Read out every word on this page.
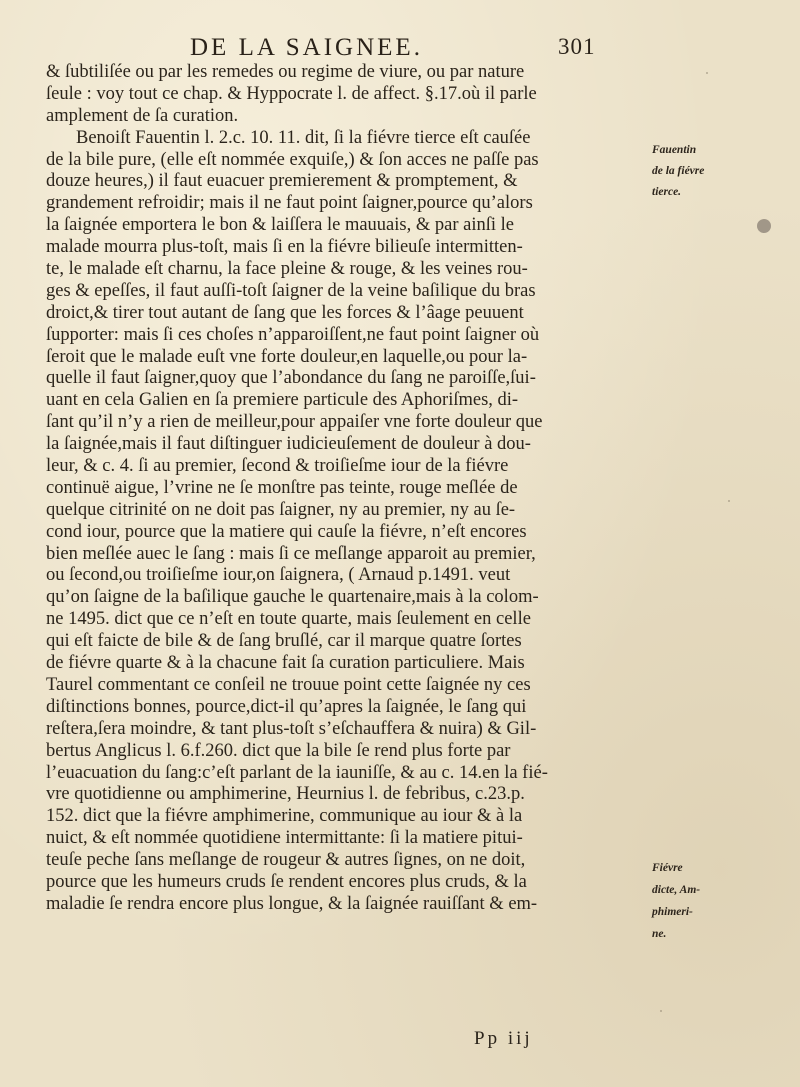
DE LA SAIGNEE.	301
& ſubtiliſée ou par les remedes ou regime de viure, ou par nature
ſeule : voy tout ce chap. & Hyppocrate l. de affect. §.17.où il parle
amplement de ſa curation.
Benoiſt Fauentin l. 2.c. 10. 11. dit, ſi la fiévre tierce eſt cauſée
de la bile pure, (elle eſt nommée exquiſe,) & ſon acces ne paſſe pas
douze heures,) il faut euacuer premierement & promptement, &
grandement refroidir; mais il ne faut point ſaigner,pource qu’alors
la ſaignée emportera le bon & laiſſera le mauuais, & par ainſi le
malade mourra plus-toſt, mais ſi en la fiévre bilieuſe intermitten-
te, le malade eſt charnu, la face pleine & rouge, & les veines rou-
ges & epeſſes, il faut auſſi-toſt ſaigner de la veine baſilique du bras
droict,& tirer tout autant de ſang que les forces & l’âage peuuent
ſupporter: mais ſi ces choſes n’apparoiſſent,ne faut point ſaigner où
ſeroit que le malade euſt vne forte douleur,en laquelle,ou pour la-
quelle il faut ſaigner,quoy que l’abondance du ſang ne paroiſſe,ſui-
uant en cela Galien en ſa premiere particule des Aphoriſmes, di-
ſant qu’il n’y a rien de meilleur,pour appaiſer vne forte douleur que
la ſaignée,mais il faut diſtinguer iudicieuſement de douleur à dou-
leur, & c. 4. ſi au premier, ſecond & troiſieſme iour de la fiévre
continuë aigue, l’vrine ne ſe monſtre pas teinte, rouge meſlée de
quelque citrinité on ne doit pas ſaigner, ny au premier, ny au ſe-
cond iour, pource que la matiere qui cauſe la fiévre, n’eſt encores
bien meſlée auec le ſang : mais ſi ce meſlange apparoit au premier,
ou ſecond,ou troiſieſme iour,on ſaignera, ( Arnaud p.1491. veut
qu’on ſaigne de la baſilique gauche le quartenaire,mais à la colom-
ne 1495. dict que ce n’eſt en toute quarte, mais ſeulement en celle
qui eſt faicte de bile & de ſang bruſlé, car il marque quatre ſortes
de fiévre quarte & à la chacune fait ſa curation particuliere. Mais
Taurel commentant ce conſeil ne trouue point cette ſaignée ny ces
diſtinctions bonnes, pource,dict-il qu’apres la ſaignée, le ſang qui
reſtera,ſera moindre, & tant plus-toſt s’eſchauffera & nuira) & Gil-
bertus Anglicus l. 6.f.260. dict que la bile ſe rend plus forte par
l’euacuation du ſang:c’eſt parlant de la iauniſſe, & au c. 14.en la fié-
vre quotidienne ou amphimerine, Heurnius l. de febribus, c.23.p.
152. dict que la fiévre amphimerine, communique au iour & à la
nuict, & eſt nommée quotidiene intermittante: ſi la matiere pitui-
teuſe peche ſans meſlange de rougeur & autres ſignes, on ne doit,
pource que les humeurs cruds ſe rendent encores plus cruds, & la
maladie ſe rendra encore plus longue, & la ſaignée rauiſſant & em-
Fauentin
de la fiévre
tierce.
Fiévre
dicte, Am-
phimeri-
ne.
Pp iij
